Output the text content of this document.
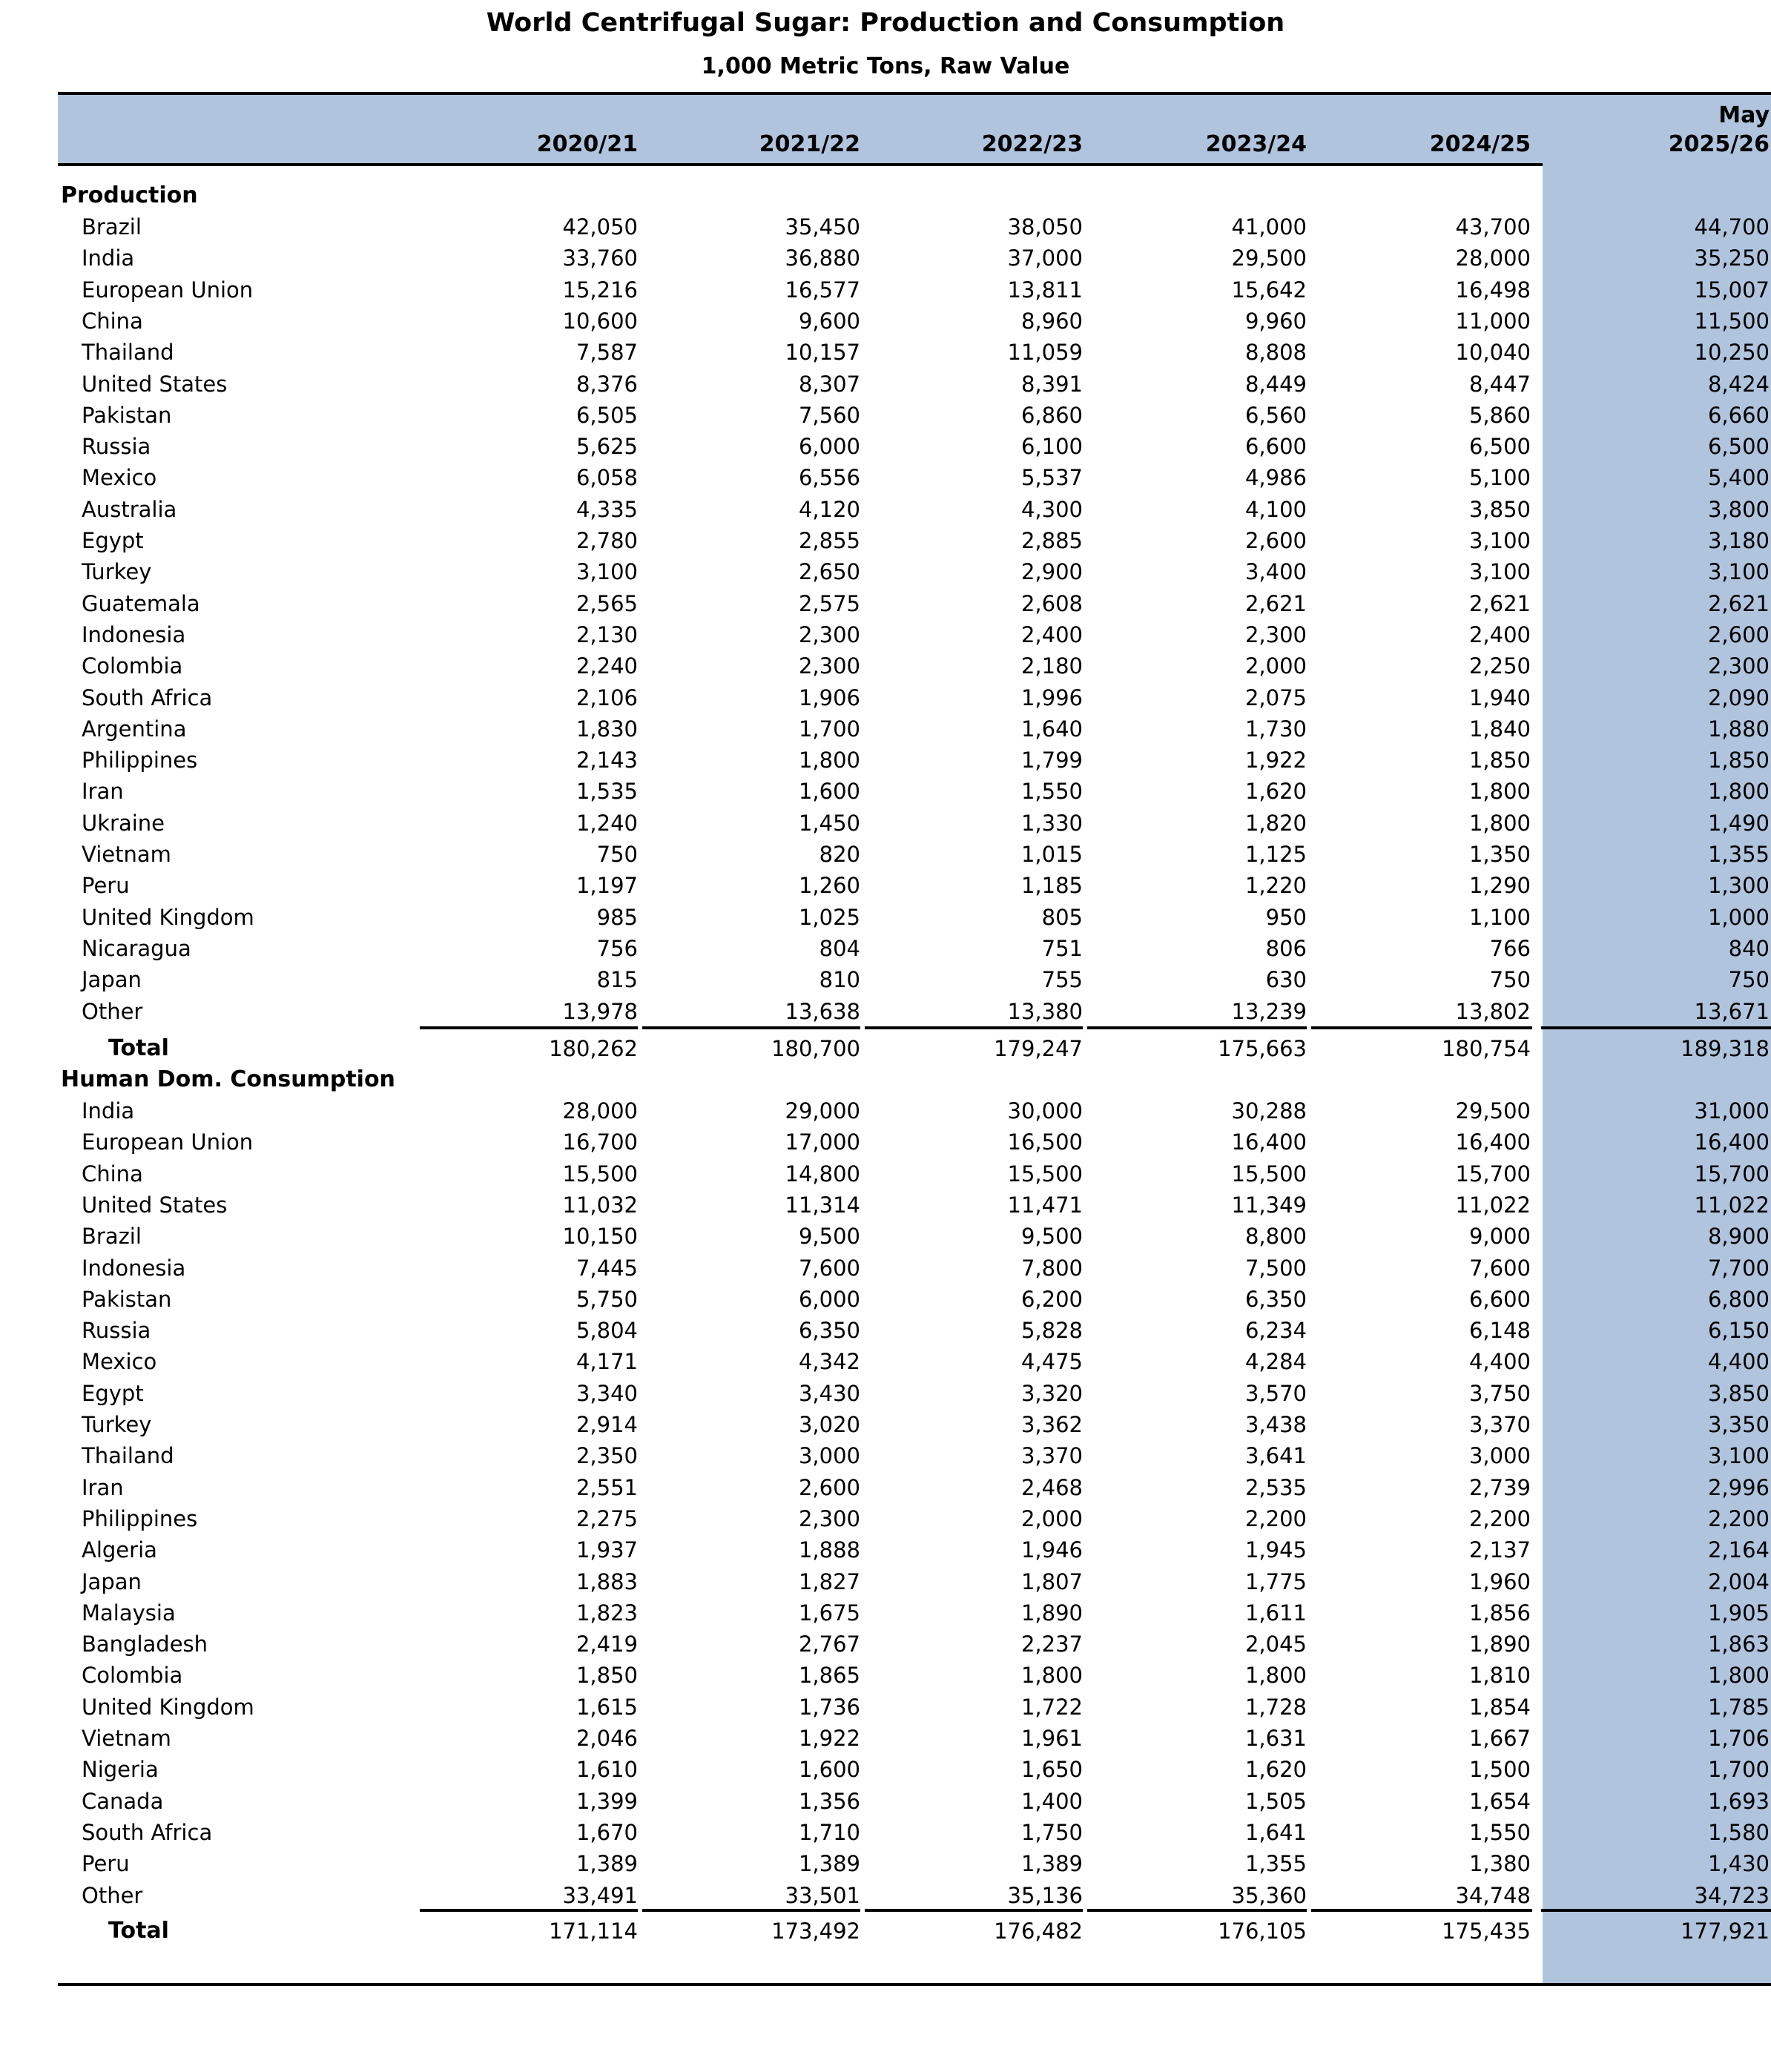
World Centrifugal Sugar: Production and Consumption
1,000 Metric Tons, Raw Value
2020/21	2021/22	2022/23	2023/24	2024/25	2025/26
May
Production
Brazil	42,050	35,450	38,050	41,000	43,700	44,700
India	33,760	36,880	37,000	29,500	28,000	35,250
European Union	15,216	16,577	13,811	15,642	16,498	15,007
China	10,600	9,600	8,960	9,960	11,000	11,500
Thailand	7,587	10,157	11,059	8,808	10,040	10,250
United States	8,376	8,307	8,391	8,449	8,447	8,424
Pakistan	6,505	7,560	6,860	6,560	5,860	6,660
Russia	5,625	6,000	6,100	6,600	6,500	6,500
Mexico	6,058	6,556	5,537	4,986	5,100	5,400
Australia	4,335	4,120	4,300	4,100	3,850	3,800
Egypt	2,780	2,855	2,885	2,600	3,100	3,180
Turkey	3,100	2,650	2,900	3,400	3,100	3,100
Guatemala	2,565	2,575	2,608	2,621	2,621	2,621
Indonesia	2,130	2,300	2,400	2,300	2,400	2,600
Colombia	2,240	2,300	2,180	2,000	2,250	2,300
South Africa	2,106	1,906	1,996	2,075	1,940	2,090
Argentina	1,830	1,700	1,640	1,730	1,840	1,880
Philippines	2,143	1,800	1,799	1,922	1,850	1,850
Iran	1,535	1,600	1,550	1,620	1,800	1,800
Ukraine	1,240	1,450	1,330	1,820	1,800	1,490
Vietnam	750	820	1,015	1,125	1,350	1,355
Peru	1,197	1,260	1,185	1,220	1,290	1,300
United Kingdom	985	1,025	805	950	1,100	1,000
Nicaragua	756	804	751	806	766	840
Japan	815	810	755	630	750	750
Other	13,978	13,638	13,380	13,239	13,802	13,671
Total	180,262	180,700	179,247	175,663	180,754	189,318
Human Dom. Consumption
India	28,000	29,000	30,000	30,288	29,500	31,000
European Union	16,700	17,000	16,500	16,400	16,400	16,400
China	15,500	14,800	15,500	15,500	15,700	15,700
United States	11,032	11,314	11,471	11,349	11,022	11,022
Brazil	10,150	9,500	9,500	8,800	9,000	8,900
Indonesia	7,445	7,600	7,800	7,500	7,600	7,700
Pakistan	5,750	6,000	6,200	6,350	6,600	6,800
Russia	5,804	6,350	5,828	6,234	6,148	6,150
Mexico	4,171	4,342	4,475	4,284	4,400	4,400
Egypt	3,340	3,430	3,320	3,570	3,750	3,850
Turkey	2,914	3,020	3,362	3,438	3,370	3,350
Thailand	2,350	3,000	3,370	3,641	3,000	3,100
Iran	2,551	2,600	2,468	2,535	2,739	2,996
Philippines	2,275	2,300	2,000	2,200	2,200	2,200
Algeria	1,937	1,888	1,946	1,945	2,137	2,164
Japan	1,883	1,827	1,807	1,775	1,960	2,004
Malaysia	1,823	1,675	1,890	1,611	1,856	1,905
Bangladesh	2,419	2,767	2,237	2,045	1,890	1,863
Colombia	1,850	1,865	1,800	1,800	1,810	1,800
United Kingdom	1,615	1,736	1,722	1,728	1,854	1,785
Vietnam	2,046	1,922	1,961	1,631	1,667	1,706
Nigeria	1,610	1,600	1,650	1,620	1,500	1,700
Canada	1,399	1,356	1,400	1,505	1,654	1,693
South Africa	1,670	1,710	1,750	1,641	1,550	1,580
Peru	1,389	1,389	1,389	1,355	1,380	1,430
Other	33,491	33,501	35,136	35,360	34,748	34,723
Total	171,114	173,492	176,482	176,105	175,435	177,921
